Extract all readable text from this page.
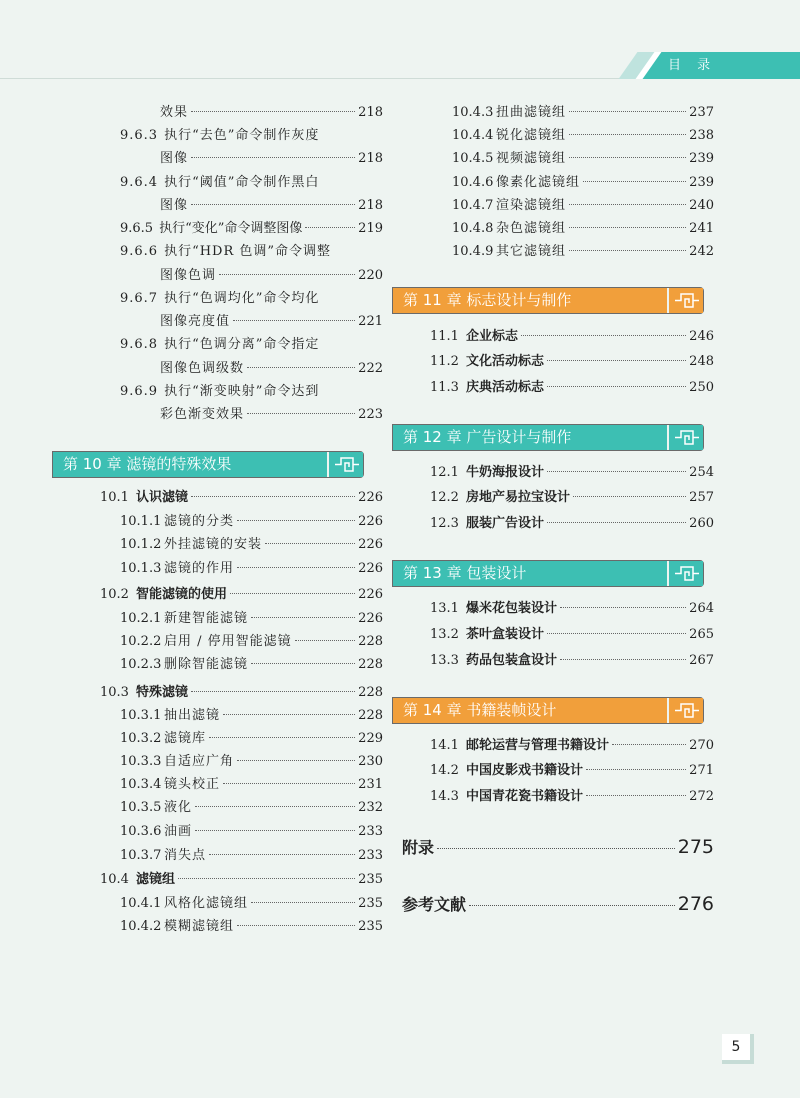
目 录
效果	218
9.6.3 执行“去色”命令制作灰度
图像	218
9.6.4 执行“阈值”命令制作黑白
图像	218
9.6.5 执行“变化”命令调整图像	219
9.6.6 执行“HDR 色调”命令调整
图像色调	220
9.6.7 执行“色调均化”命令均化
图像亮度值	221
9.6.8 执行“色调分离”命令指定
图像色调级数	222
9.6.9 执行“渐变映射”命令达到
彩色渐变效果	223
第 10 章 滤镜的特殊效果
10.1 认识滤镜	226
10.1.1 滤镜的分类	226
10.1.2 外挂滤镜的安装	226
10.1.3 滤镜的作用	226
10.2 智能滤镜的使用	226
10.2.1 新建智能滤镜	226
10.2.2 启用 / 停用智能滤镜	228
10.2.3 删除智能滤镜	228
10.3 特殊滤镜	228
10.3.1 抽出滤镜	228
10.3.2 滤镜库	229
10.3.3 自适应广角	230
10.3.4 镜头校正	231
10.3.5 液化	232
10.3.6 油画	233
10.3.7 消失点	233
10.4 滤镜组	235
10.4.1 风格化滤镜组	235
10.4.2 模糊滤镜组	235
10.4.3 扭曲滤镜组	237
10.4.4 锐化滤镜组	238
10.4.5 视频滤镜组	239
10.4.6 像素化滤镜组	239
10.4.7 渲染滤镜组	240
10.4.8 杂色滤镜组	241
10.4.9 其它滤镜组	242
第 11 章 标志设计与制作
11.1 企业标志	246
11.2 文化活动标志	248
11.3 庆典活动标志	250
第 12 章 广告设计与制作
12.1 牛奶海报设计	254
12.2 房地产易拉宝设计	257
12.3 服装广告设计	260
第 13 章 包装设计
13.1 爆米花包装设计	264
13.2 茶叶盒装设计	265
13.3 药品包装盒设计	267
第 14 章 书籍装帧设计
14.1 邮轮运营与管理书籍设计	270
14.2 中国皮影戏书籍设计	271
14.3 中国青花瓷书籍设计	272
附录	275
参考文献	276
5
